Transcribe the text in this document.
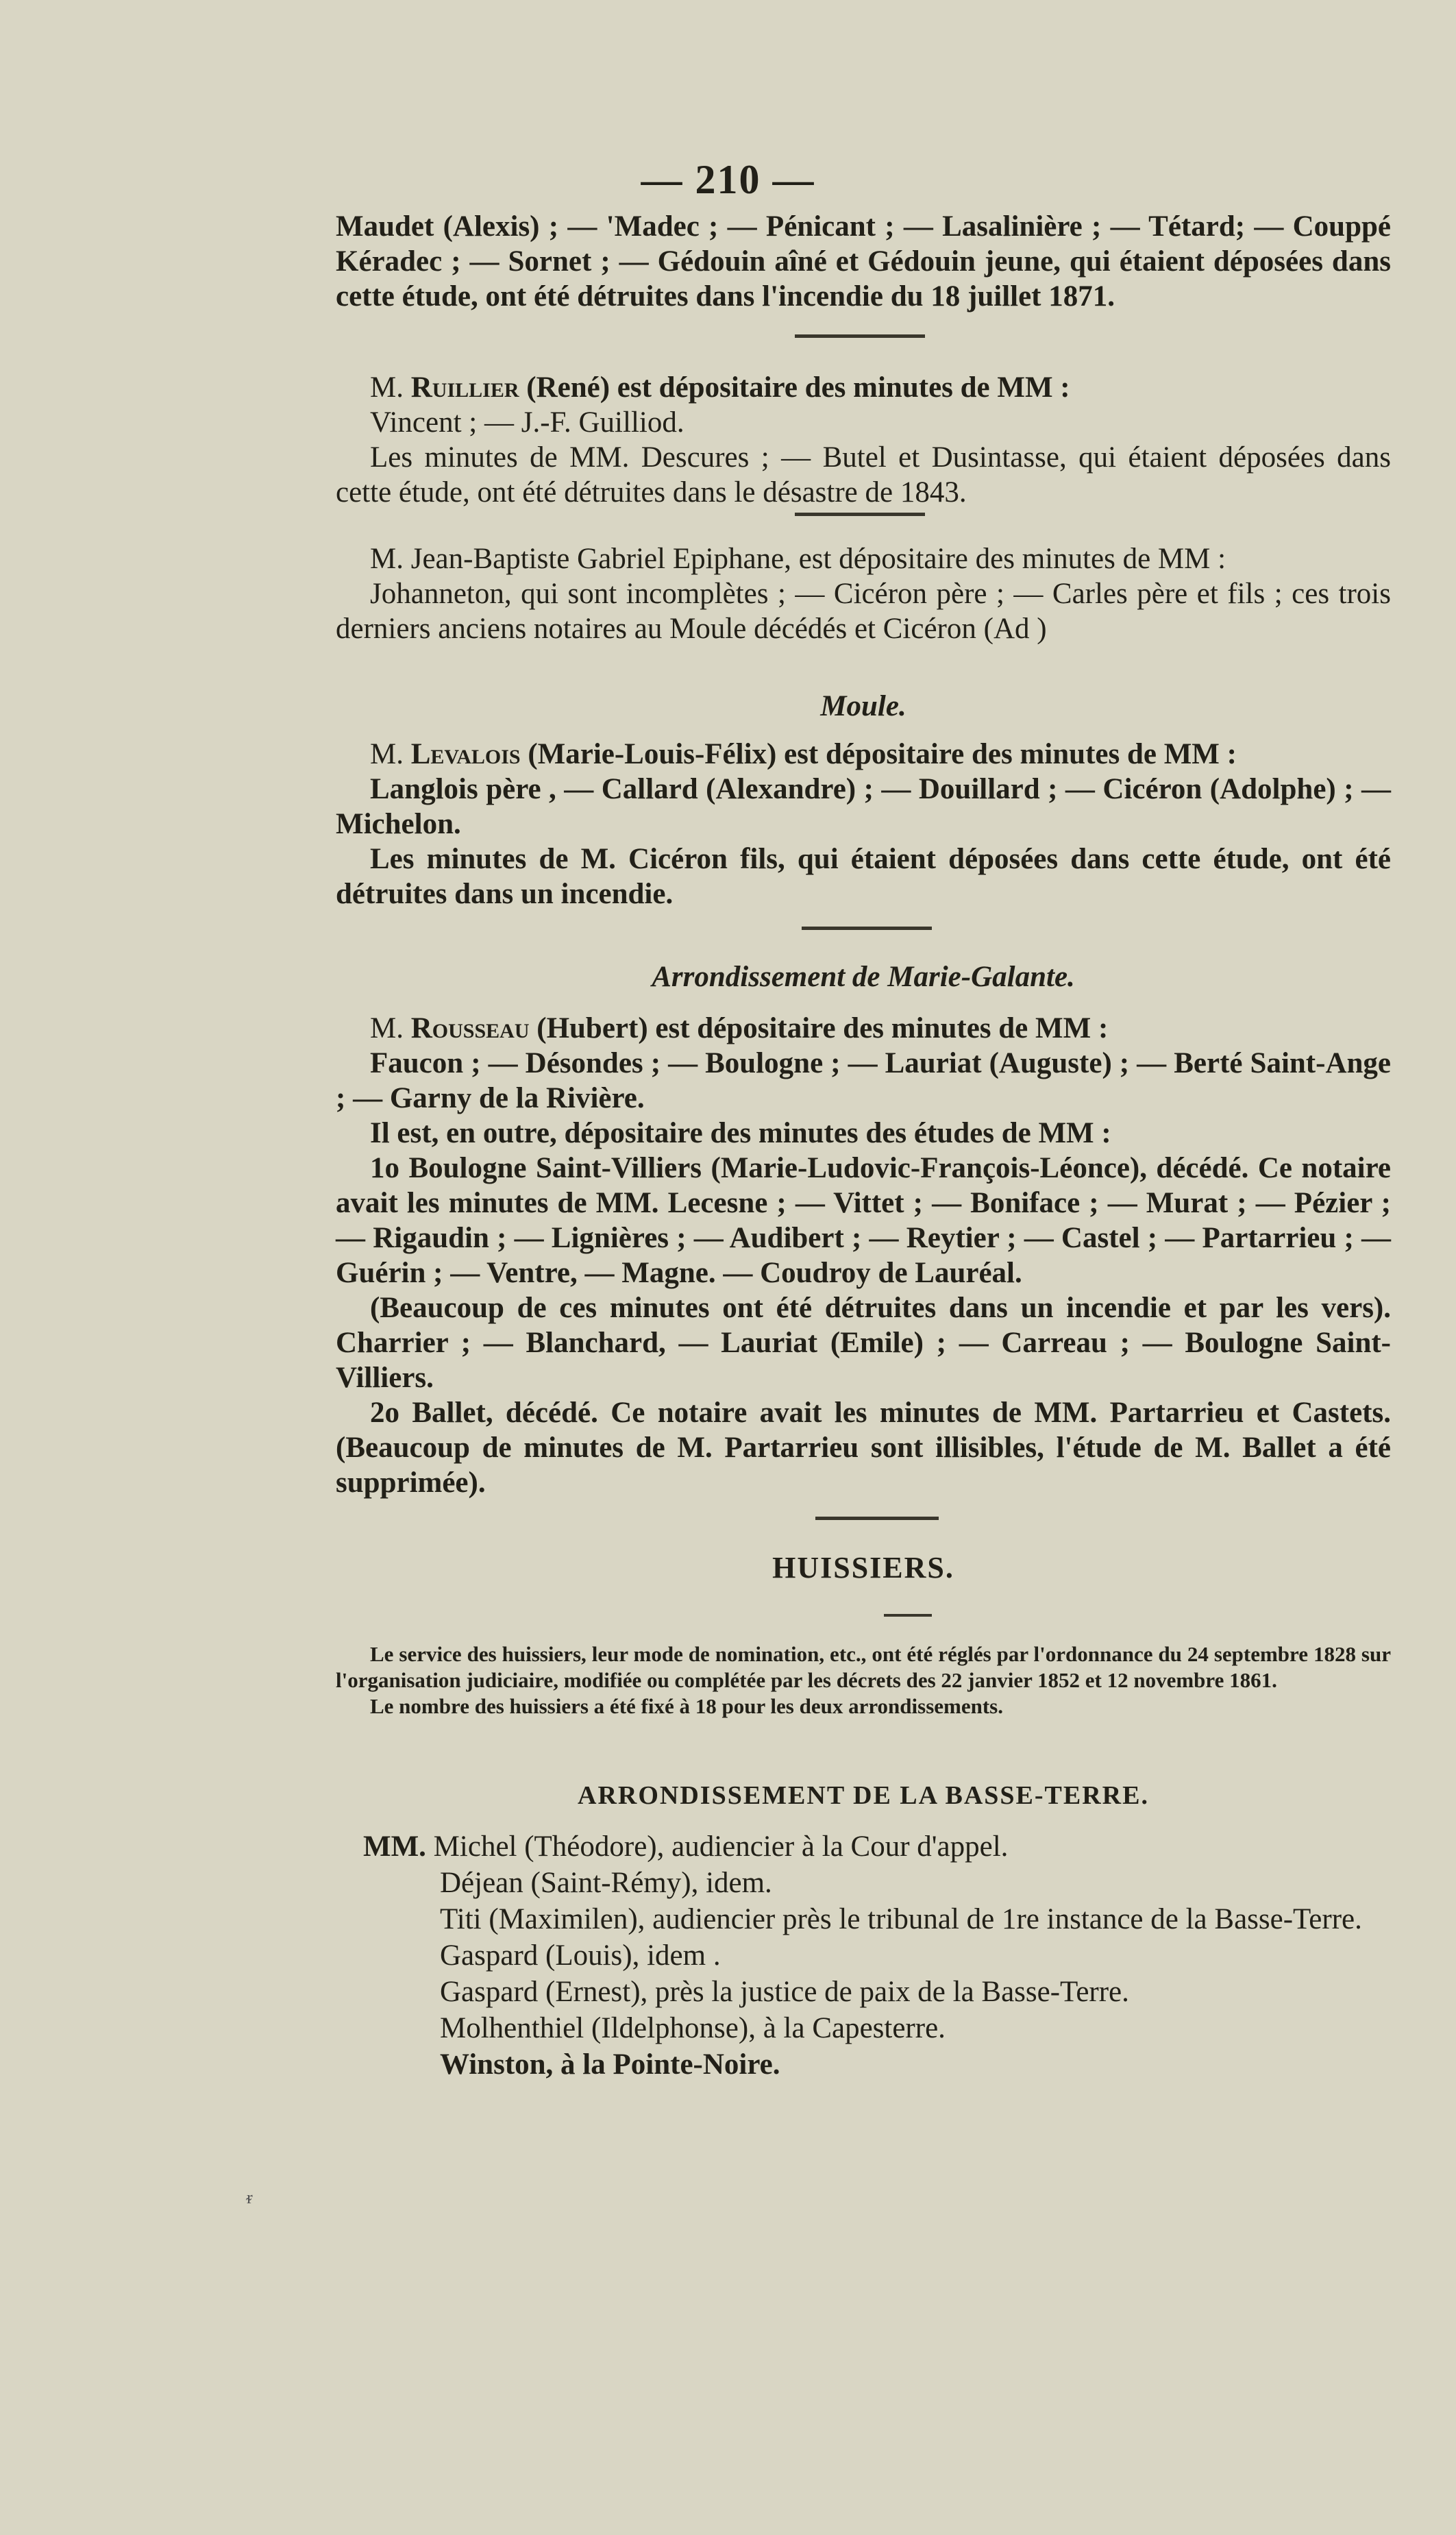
— 210 —

Maudet (Alexis) ; — 'Madec ; — Pénicant ; — Lasalinière ; — Tétard; — Couppé Kéradec ; — Sornet ; — Gédouin aîné et Gédouin jeune, qui étaient déposées dans cette étude, ont été détruites dans l'incendie du 18 juillet 1871.

M. Ruillier (René) est dépositaire des minutes de MM :

Vincent ; — J.-F. Guilliod.

Les minutes de MM. Descures ; — Butel et Dusintasse, qui étaient déposées dans cette étude, ont été détruites dans le désastre de 1843.

M. Jean-Baptiste Gabriel Epiphane, est dépositaire des minutes de MM :

Johanneton, qui sont incomplètes ; — Cicéron père ; — Carles père et fils ; ces trois derniers anciens notaires au Moule décédés et Cicéron (Ad )

Moule.

M. Levalois (Marie-Louis-Félix) est dépositaire des minutes de MM :

Langlois père , — Callard (Alexandre) ; — Douillard ; — Cicéron (Adolphe) ; — Michelon.

Les minutes de M. Cicéron fils, qui étaient déposées dans cette étude, ont été détruites dans un incendie.

Arrondissement de Marie-Galante.

M. Rousseau (Hubert) est dépositaire des minutes de MM :

Faucon ; — Désondes ; — Boulogne ; — Lauriat (Auguste) ; — Berté Saint-Ange ; — Garny de la Rivière.

Il est, en outre, dépositaire des minutes des études de MM :

1o Boulogne Saint-Villiers (Marie-Ludovic-François-Léonce), décédé. Ce notaire avait les minutes de MM. Lecesne ; — Vittet ; — Boniface ; — Murat ; — Pézier ; — Rigaudin ; — Lignières ; — Audibert ; — Reytier ; — Castel ; — Partarrieu ; — Guérin ; — Ventre, — Magne. — Coudroy de Lauréal.

(Beaucoup de ces minutes ont été détruites dans un incendie et par les vers). Charrier ; — Blanchard, — Lauriat (Emile) ; — Carreau ; — Boulogne Saint-Villiers.

2o Ballet, décédé. Ce notaire avait les minutes de MM. Partarrieu et Castets. (Beaucoup de minutes de M. Partarrieu sont illisibles, l'étude de M. Ballet a été supprimée).

HUISSIERS.

Le service des huissiers, leur mode de nomination, etc., ont été réglés par l'ordonnance du 24 septembre 1828 sur l'organisation judiciaire, modifiée ou complétée par les décrets des 22 janvier 1852 et 12 novembre 1861.

Le nombre des huissiers a été fixé à 18 pour les deux arrondissements.

ARRONDISSEMENT DE LA BASSE-TERRE.

MM. Michel (Théodore), audiencier à la Cour d'appel.

Déjean (Saint-Rémy), idem.

Titi (Maximilen), audiencier près le tribunal de 1re instance de la Basse-Terre.

Gaspard (Louis), idem .

Gaspard (Ernest), près la justice de paix de la Basse-Terre.

Molhenthiel (Ildelphonse), à la Capesterre.

Winston, à la Pointe-Noire.

ᵲ
